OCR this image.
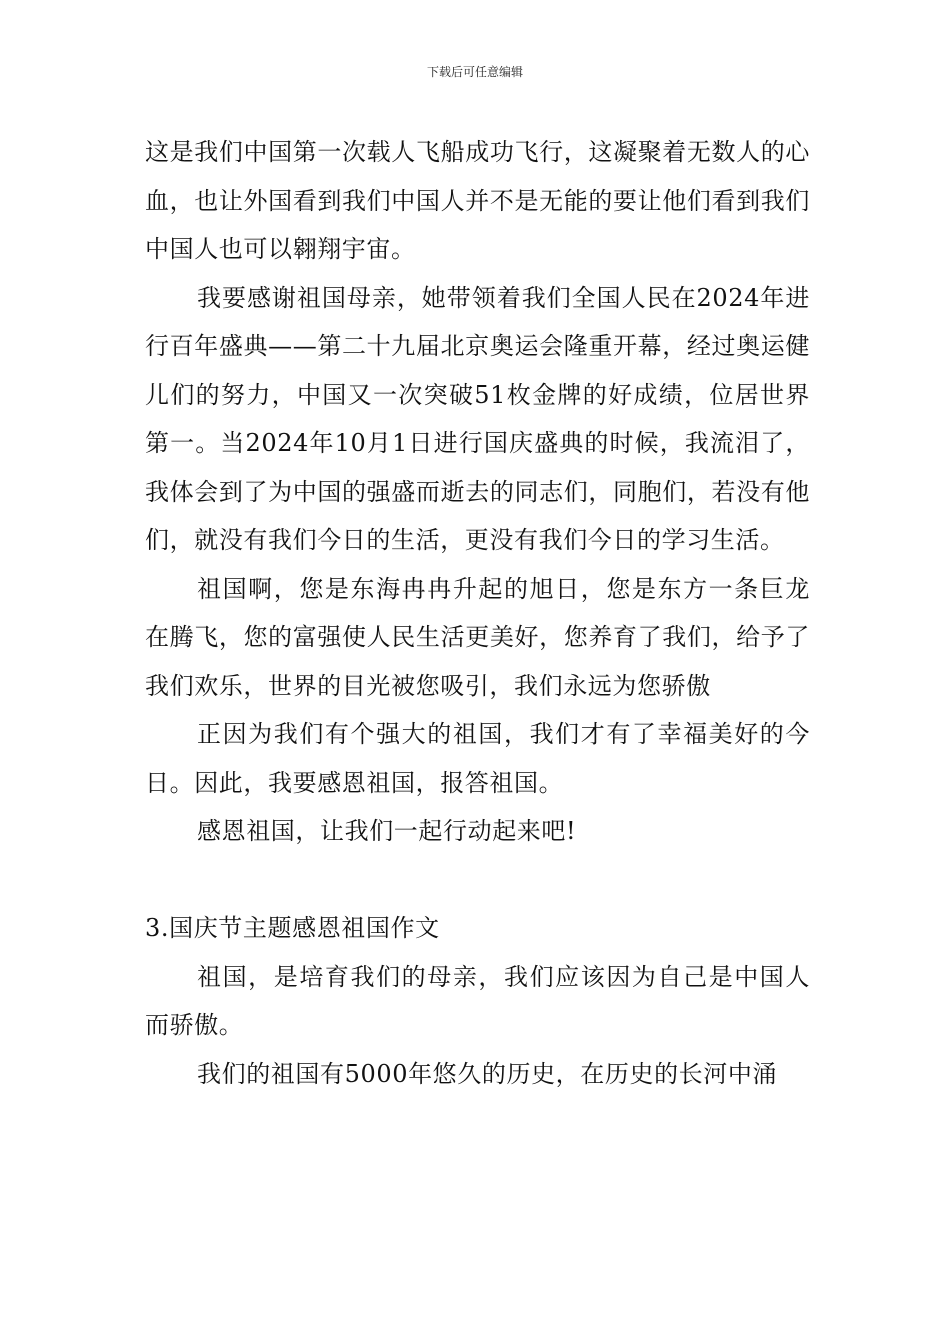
下载后可任意编辑

这是我们中国第一次载人飞船成功飞行，这凝聚着无数人的心血，也让外国看到我们中国人并不是无能的要让他们看到我们中国人也可以翱翔宇宙。

我要感谢祖国母亲，她带领着我们全国人民在2024年进行百年盛典——第二十九届北京奥运会隆重开幕，经过奥运健儿们的努力，中国又一次突破51枚金牌的好成绩，位居世界第一。当2024年10月1日进行国庆盛典的时候，我流泪了，我体会到了为中国的强盛而逝去的同志们，同胞们，若没有他们，就没有我们今日的生活，更没有我们今日的学习生活。

祖国啊，您是东海冉冉升起的旭日，您是东方一条巨龙在腾飞，您的富强使人民生活更美好，您养育了我们，给予了我们欢乐，世界的目光被您吸引，我们永远为您骄傲

正因为我们有个强大的祖国，我们才有了幸福美好的今日。因此，我要感恩祖国，报答祖国。

感恩祖国，让我们一起行动起来吧!

3.国庆节主题感恩祖国作文

祖国，是培育我们的母亲，我们应该因为自己是中国人而骄傲。

我们的祖国有5000年悠久的历史，在历史的长河中涌
